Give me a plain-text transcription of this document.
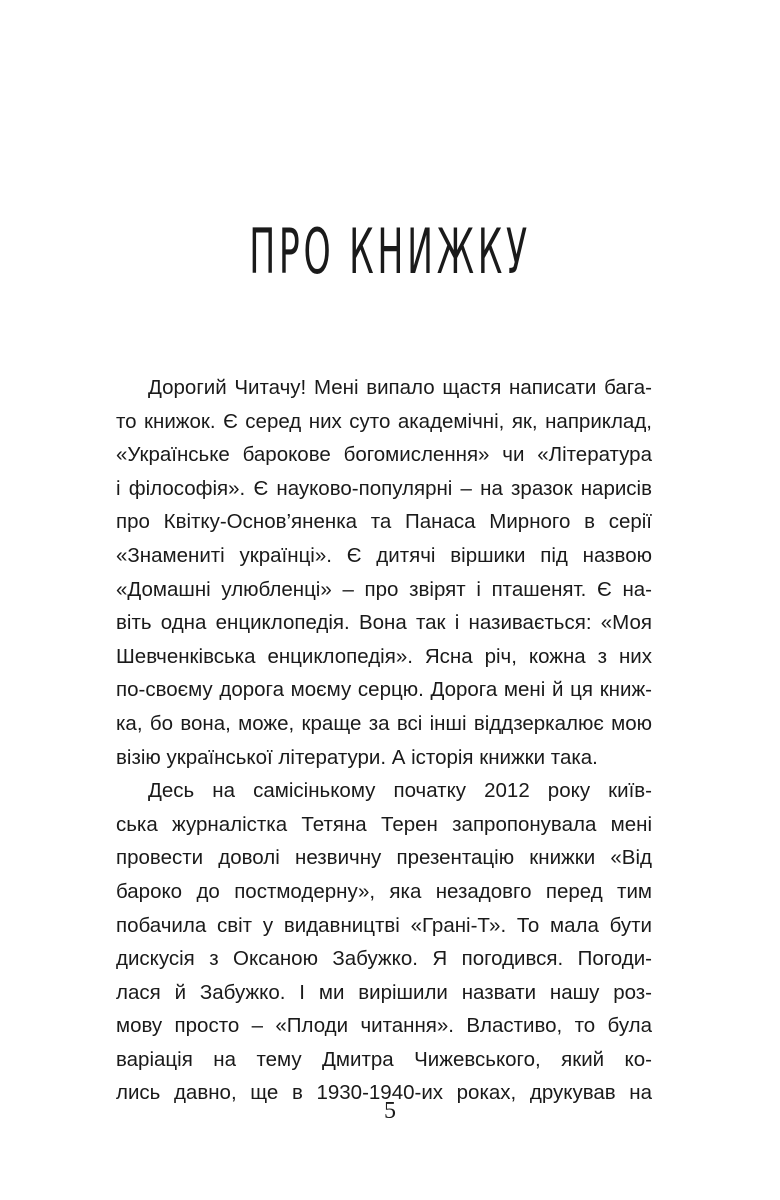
ПРО КНИЖКУ
Дорогий Читачу! Мені випало щастя написати бага-
то книжок. Є серед них суто академічні, як, наприклад,
«Українське барокове богомислення» чи «Література
і філософія». Є науково-популярні – на зразок нарисів
про Квітку-Основ’яненка та Панаса Мирного в серії
«Знамениті українці». Є дитячі віршики під назвою
«Домашні улюбленці» – про звірят і пташенят. Є на-
віть одна енциклопедія. Вона так і називається: «Моя
Шевченківська енциклопедія». Ясна річ, кожна з них
по-своєму дорога моєму серцю. Дорога мені й ця книж-
ка, бо вона, може, краще за всі інші віддзеркалює мою
візію української літератури. А історія книжки така.
Десь на самісінькому початку 2012 року київ-
ська журналістка Тетяна Терен запропонувала мені
провести доволі незвичну презентацію книжки «Від
бароко до постмодерну», яка незадовго перед тим
побачила світ у видавництві «Грані-Т». То мала бути
дискусія з Оксаною Забужко. Я погодився. Погоди-
лася й Забужко. І ми вирішили назвати нашу роз-
мову просто – «Плоди читання». Властиво, то була
варіація на тему Дмитра Чижевського, який ко-
лись давно, ще в 1930-1940-их роках, друкував на
5
